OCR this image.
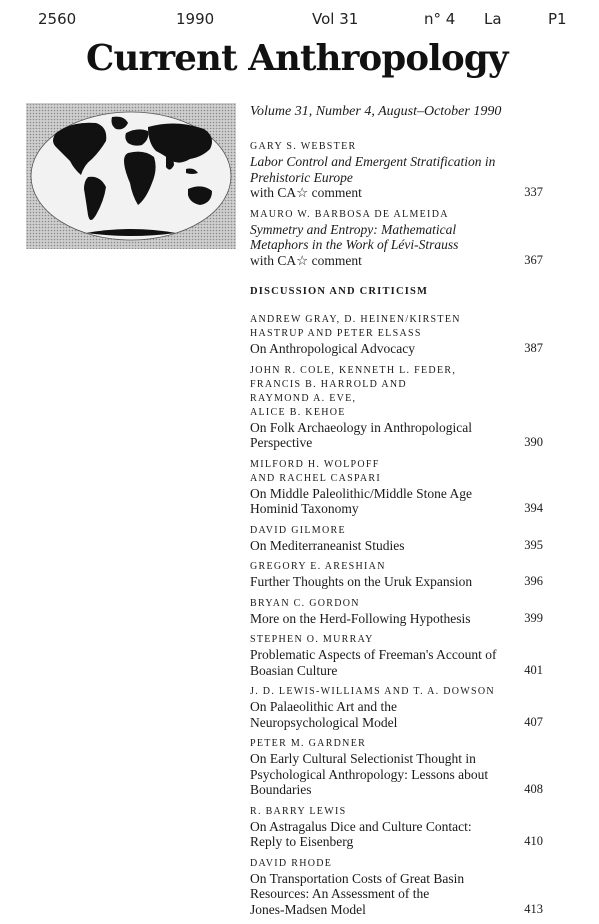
2560	1990	Vol 31	n° 4 La	P1
Current Anthropology
Volume 31, Number 4, August–October 1990
GARY S. WEBSTER
Labor Control and Emergent Stratification in
Prehistoric Europe
with CA☆ comment	337
MAURO W. BARBOSA DE ALMEIDA
Symmetry and Entropy: Mathematical
Metaphors in the Work of Lévi-Strauss
with CA☆ comment	367
DISCUSSION AND CRITICISM
ANDREW GRAY, D. HEINEN/KIRSTEN
HASTRUP AND PETER ELSASS
On Anthropological Advocacy	387
JOHN R. COLE, KENNETH L. FEDER,
FRANCIS B. HARROLD AND
RAYMOND A. EVE,
ALICE B. KEHOE
On Folk Archaeology in Anthropological
Perspective	390
MILFORD H. WOLPOFF
AND RACHEL CASPARI
On Middle Paleolithic/Middle Stone Age
Hominid Taxonomy	394
DAVID GILMORE
On Mediterraneanist Studies	395
GREGORY E. ARESHIAN
Further Thoughts on the Uruk Expansion	396
BRYAN C. GORDON
More on the Herd-Following Hypothesis	399
STEPHEN O. MURRAY
Problematic Aspects of Freeman's Account of
Boasian Culture	401
J. D. LEWIS-WILLIAMS AND T. A. DOWSON
On Palaeolithic Art and the
Neuropsychological Model	407
PETER M. GARDNER
On Early Cultural Selectionist Thought in
Psychological Anthropology: Lessons about
Boundaries	408
R. BARRY LEWIS
On Astragalus Dice and Culture Contact:
Reply to Eisenberg	410
DAVID RHODE
On Transportation Costs of Great Basin
Resources: An Assessment of the
Jones-Madsen Model	413
